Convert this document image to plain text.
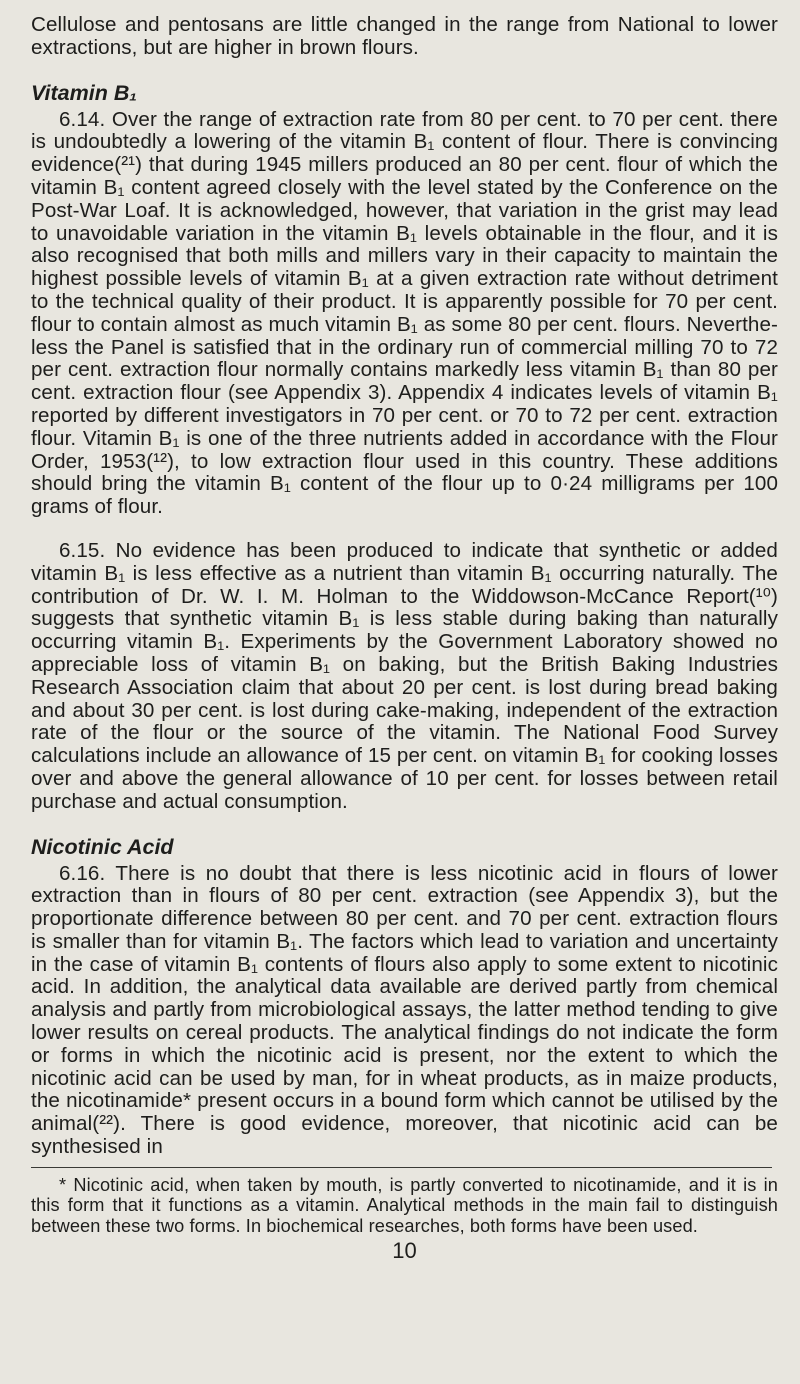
Cellulose and pentosans are little changed in the range from National to lower extractions, but are higher in brown flours.

Vitamin B₁

6.14. Over the range of extraction rate from 80 per cent. to 70 per cent. there is undoubtedly a lowering of the vitamin B₁ content of flour. There is convincing evidence(²¹) that during 1945 millers produced an 80 per cent. flour of which the vitamin B₁ content agreed closely with the level stated by the Conference on the Post-War Loaf. It is acknowledged, however, that variation in the grist may lead to unavoidable variation in the vitamin B₁ levels obtainable in the flour, and it is also recognised that both mills and millers vary in their capacity to maintain the highest possible levels of vitamin B₁ at a given extraction rate without detriment to the technical quality of their product. It is apparently possible for 70 per cent. flour to contain almost as much vitamin B₁ as some 80 per cent. flours. Neverthe-less the Panel is satisfied that in the ordinary run of commercial milling 70 to 72 per cent. extraction flour normally contains markedly less vitamin B₁ than 80 per cent. extraction flour (see Appendix 3). Appendix 4 indicates levels of vitamin B₁ reported by different investigators in 70 per cent. or 70 to 72 per cent. extraction flour. Vitamin B₁ is one of the three nutrients added in accordance with the Flour Order, 1953(¹²), to low extraction flour used in this country. These additions should bring the vitamin B₁ content of the flour up to 0·24 milligrams per 100 grams of flour.

6.15. No evidence has been produced to indicate that synthetic or added vitamin B₁ is less effective as a nutrient than vitamin B₁ occurring naturally. The contribution of Dr. W. I. M. Holman to the Widdowson-McCance Report(¹⁰) suggests that synthetic vitamin B₁ is less stable during baking than naturally occurring vitamin B₁. Experiments by the Government Laboratory showed no appreciable loss of vitamin B₁ on baking, but the British Baking Industries Research Association claim that about 20 per cent. is lost during bread baking and about 30 per cent. is lost during cake-making, independent of the extraction rate of the flour or the source of the vitamin. The National Food Survey calculations include an allowance of 15 per cent. on vitamin B₁ for cooking losses over and above the general allowance of 10 per cent. for losses between retail purchase and actual consumption.

Nicotinic Acid

6.16. There is no doubt that there is less nicotinic acid in flours of lower extraction than in flours of 80 per cent. extraction (see Appendix 3), but the proportionate difference between 80 per cent. and 70 per cent. extraction flours is smaller than for vitamin B₁. The factors which lead to variation and uncertainty in the case of vitamin B₁ contents of flours also apply to some extent to nicotinic acid. In addition, the analytical data available are derived partly from chemical analysis and partly from microbiological assays, the latter method tending to give lower results on cereal products. The analytical findings do not indicate the form or forms in which the nicotinic acid is present, nor the extent to which the nicotinic acid can be used by man, for in wheat products, as in maize products, the nicotinamide* present occurs in a bound form which cannot be utilised by the animal(²²). There is good evidence, moreover, that nicotinic acid can be synthesised in

* Nicotinic acid, when taken by mouth, is partly converted to nicotinamide, and it is in this form that it functions as a vitamin. Analytical methods in the main fail to distinguish between these two forms. In biochemical researches, both forms have been used.

10
